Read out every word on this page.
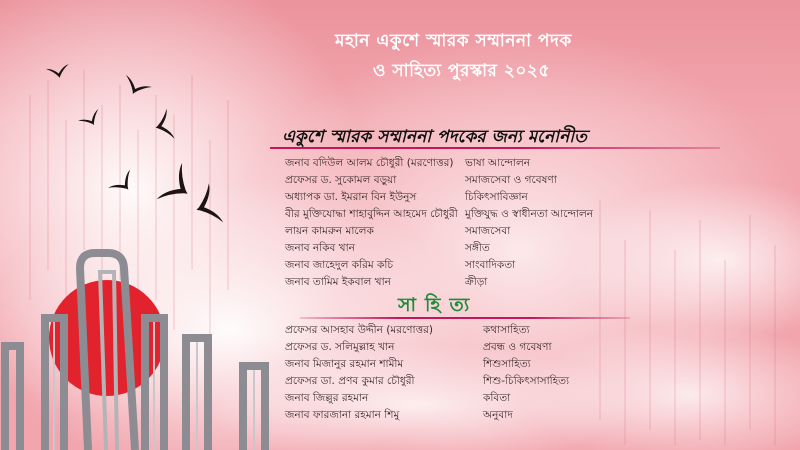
মহান একুশে স্মারক সম্মাননা পদক
ও সাহিত্য পুরস্কার ২০২৫
একুশে স্মারক সম্মাননা পদকের জন্য মনোনীত
জনাব বদিউল আলম চৌধুরী (মরণোত্তর) ভাষা আন্দোলন
প্রফেসর ড. সুকোমল বড়ুয়া	সমাজসেবা ও গবেষণা
অধ্যাপক ডা. ইমরান বিন ইউনুস	চিকিৎসাবিজ্ঞান
বীর মুক্তিযোদ্ধা শাহাবুদ্দিন আহমেদ চৌধুরী মুক্তিযুদ্ধ ও স্বাধীনতা আন্দোলন
লায়ন কামরুন মালেক	সমাজসেবা
জনাব নকিব খান	সঙ্গীত
জনাব জাহেদুল করিম কচি	সাংবাদিকতা
জনাব তামিম ইকবাল খান	ক্রীড়া
সাহিত্য
প্রফেসর আসহাব উদ্দীন (মরণোত্তর)	কথাসাহিত্য
প্রফেসর ড. সলিমুল্লাহ খান	প্রবন্ধ ও গবেষণা
জনাব মিজানুর রহমান শামীম	শিশুসাহিত্য
প্রফেসর ডা. প্রণব কুমার চৌধুরী	শিশু-চিকিৎসাসাহিত্য
জনাব জিল্লুর রহমান	কবিতা
জনাব ফারজানা রহমান শিমু	অনুবাদ
